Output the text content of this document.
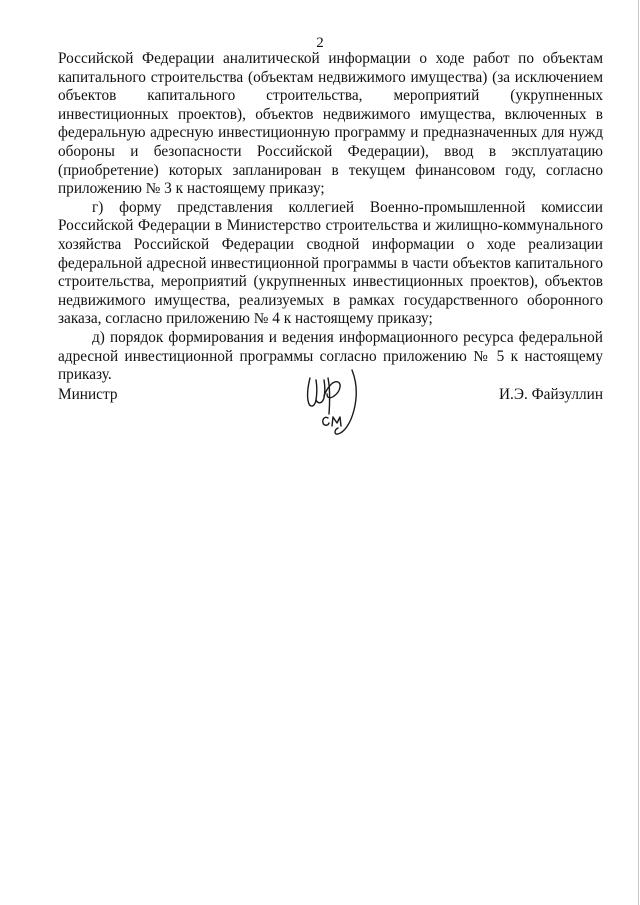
2

Российской Федерации аналитической информации о ходе работ по объектам капитального строительства (объектам недвижимого имущества) (за исключением объектов капитального строительства, мероприятий (укрупненных инвестиционных проектов), объектов недвижимого имущества, включенных в федеральную адресную инвестиционную программу и предназначенных для нужд обороны и безопасности Российской Федерации), ввод в эксплуатацию (приобретение) которых запланирован в текущем финансовом году, согласно приложению № 3 к настоящему приказу;

г) форму представления коллегией Военно-промышленной комиссии Российской Федерации в Министерство строительства и жилищно-коммунального хозяйства Российской Федерации сводной информации о ходе реализации федеральной адресной инвестиционной программы в части объектов капитального строительства, мероприятий (укрупненных инвестиционных проектов), объектов недвижимого имущества, реализуемых в рамках государственного оборонного заказа, согласно приложению № 4 к настоящему приказу;

д) порядок формирования и ведения информационного ресурса федеральной адресной инвестиционной программы согласно приложению № 5 к настоящему приказу.

Министр	И.Э. Файзуллин
